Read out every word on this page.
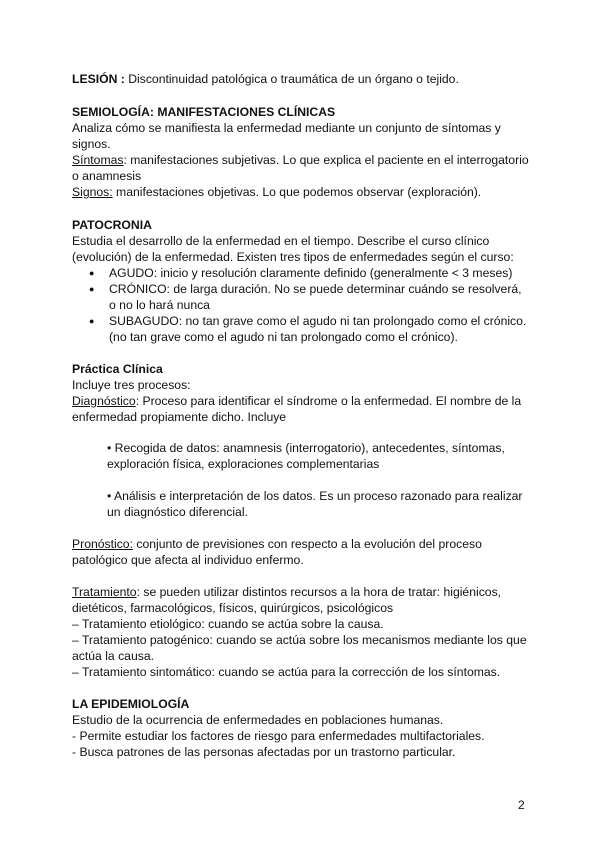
LESIÓN : Discontinuidad patológica o traumática de un órgano o tejido.
SEMIOLOGÍA: MANIFESTACIONES CLÍNICAS
Analiza cómo se manifiesta la enfermedad mediante un conjunto de síntomas y
signos.
Síntomas: manifestaciones subjetivas. Lo que explica el paciente en el interrogatorio
o anamnesis
Signos: manifestaciones objetivas. Lo que podemos observar (exploración).
PATOCRONIA
Estudia el desarrollo de la enfermedad en el tiempo. Describe el curso clínico
(evolución) de la enfermedad. Existen tres tipos de enfermedades según el curso:
● AGUDO: inicio y resolución claramente definido (generalmente < 3 meses)
● CRÓNICO: de larga duración. No se puede determinar cuándo se resolverá,
o no lo hará nunca
● SUBAGUDO: no tan grave como el agudo ni tan prolongado como el crónico.
(no tan grave como el agudo ni tan prolongado como el crónico).
Práctica Clínica
Incluye tres procesos:
Diagnóstico: Proceso para identificar el síndrome o la enfermedad. El nombre de la
enfermedad propiamente dicho. Incluye
• Recogida de datos: anamnesis (interrogatorio), antecedentes, síntomas,
exploración física, exploraciones complementarias
• Análisis e interpretación de los datos. Es un proceso razonado para realizar
un diagnóstico diferencial.
Pronóstico: conjunto de previsiones con respecto a la evolución del proceso
patológico que afecta al individuo enfermo.
Tratamiento: se pueden utilizar distintos recursos a la hora de tratar: higiénicos,
dietéticos, farmacológicos, físicos, quirúrgicos, psicológicos
– Tratamiento etiológico: cuando se actúa sobre la causa.
– Tratamiento patogénico: cuando se actúa sobre los mecanismos mediante los que
actúa la causa.
– Tratamiento sintomático: cuando se actúa para la corrección de los síntomas.
LA EPIDEMIOLOGÍA
Estudio de la ocurrencia de enfermedades en poblaciones humanas.
- Permite estudiar los factores de riesgo para enfermedades multifactoriales.
- Busca patrones de las personas afectadas por un trastorno particular.
2
